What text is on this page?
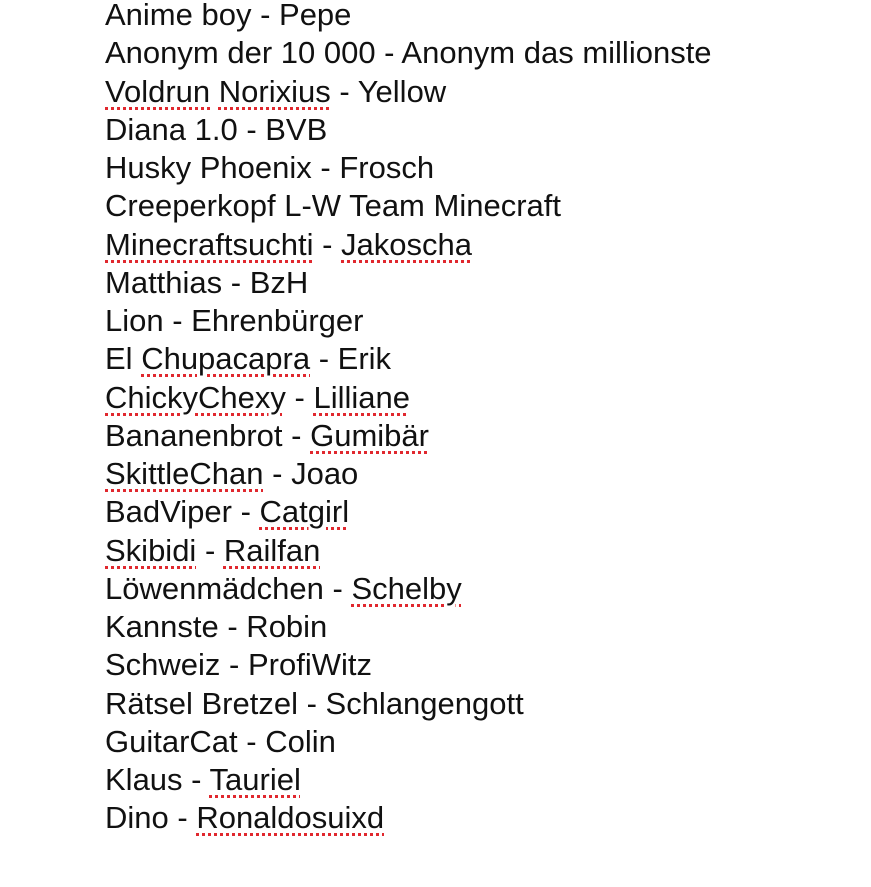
Anime boy - Pepe
Anonym der 10 000 - Anonym das millionste
Voldrun Norixius - Yellow
Diana 1.0 - BVB
Husky Phoenix - Frosch
Creeperkopf L-W Team Minecraft
Minecraftsuchti - Jakoscha
Matthias - BzH
Lion - Ehrenbürger
El Chupacapra - Erik
ChickyChexy - Lilliane
Bananenbrot - Gumibär
SkittleChan - Joao
BadViper - Catgirl
Skibidi - Railfan
Löwenmädchen - Schelby
Kannste - Robin
Schweiz - ProfiWitz
Rätsel Bretzel - Schlangengott
GuitarCat - Colin
Klaus - Tauriel
Dino - Ronaldosuixd
